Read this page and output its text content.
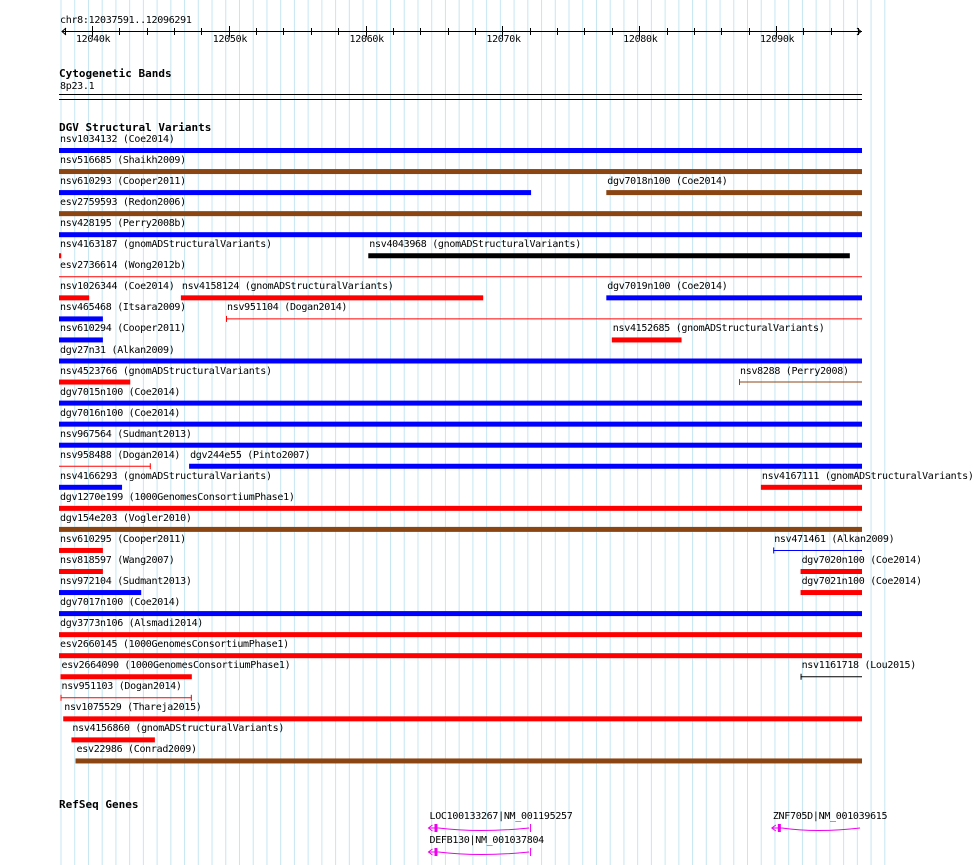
chr8:12037591..12096291
Cytogenetic Bands
8p23.1
DGV Structural Variants
RefSeq Genes
12040k	12050k	12060k	12070k	12080k	12090k
nsv1034132 (Coe2014)
nsv516685 (Shaikh2009)
nsv610293 (Cooper2011)	dgv7018n100 (Coe2014)
esv2759593 (Redon2006)
nsv428195 (Perry2008b)
nsv4163187 (gnomADStructuralVariants)	nsv4043968 (gnomADStructuralVariants)
esv2736614 (Wong2012b)
nsv1026344 (Coe2014) nsv4158124 (gnomADStructuralVariants)	dgv7019n100 (Coe2014)
nsv465468 (Itsara2009)	nsv951104 (Dogan2014)
nsv610294 (Cooper2011)	nsv4152685 (gnomADStructuralVariants)
dgv27n31 (Alkan2009)
nsv4523766 (gnomADStructuralVariants)	nsv8288 (Perry2008)
dgv7015n100 (Coe2014)
dgv7016n100 (Coe2014)
nsv967564 (Sudmant2013)
nsv958488 (Dogan2014) dgv244e55 (Pinto2007)
nsv4166293 (gnomADStructuralVariants)	nsv4167111 (gnomADStructuralVariants)
dgv1270e199 (1000GenomesConsortiumPhase1)
dgv154e203 (Vogler2010)
nsv610295 (Cooper2011)	nsv471461 (Alkan2009)
nsv818597 (Wang2007)	dgv7020n100 (Coe2014)
nsv972104 (Sudmant2013)	dgv7021n100 (Coe2014)
dgv7017n100 (Coe2014)
dgv3773n106 (Alsmadi2014)
esv2660145 (1000GenomesConsortiumPhase1)
esv2664090 (1000GenomesConsortiumPhase1)	nsv1161718 (Lou2015)
nsv951103 (Dogan2014)
nsv1075529 (Thareja2015)
nsv4156860 (gnomADStructuralVariants)
esv22986 (Conrad2009)
LOC100133267|NM_001195257	ZNF705D|NM_001039615
DEFB130|NM_001037804
